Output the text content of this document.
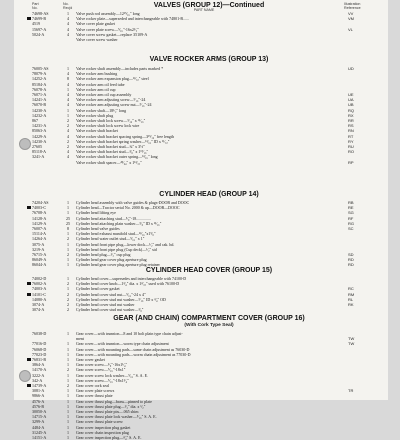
Part
No.
No.
Req'd	PART NAME
Illustration
Reference
VALVES (GROUP 12)—Continued
74698-AS	1	Valve push rod assembly—12¹⁵⁄₁₆" long	VV
74699-B	4	Valve rocker plate—superseded and interchangeable with 74801-B......	VM
4519	4	Valve cover plate gasket
15697-A	4	Valve cover plate screw—⁵⁄₁₆"-16x2¹⁄₂"	VL
5024-A	4	Valve cover screw gasket—replace 35109-A
Valve cover screw washer
VALVE ROCKER ARMS (GROUP 13)
76005-AS	1	Valve rocker shaft assembly—includes parts marked *	UD
78079-A	4	Valve rocker arm bushing
14252-A	8	Valve rocker arm expansion plug—¹³⁄₃₂" steel
85184-A	4	Valve rocker arm oil feed tube
76078-A	1	Valve rocker arm oil cup
76071-A	4	Valve rocker arm oil cup assembly	UE
14241-A	4	Valve rocker arm adjusting screw—⁵⁄₁₆"-24	UA
76070-B	4	Valve rocker arm adjusting screw nut—⁵⁄₁₆"-24	UB
14230-A	1	Valve rocker shaft—18¹⁄₂" long	RQ
14232-A	1	Valve rocker shaft plug	RX
867	2	Valve rocker shaft lock screw—⁵⁄₁₆" x ¹³⁄₁₆"	RR
14231-A	2	Valve rocker shaft lock screw lock wire	RS
85063-A	4	Valve rocker shaft bracket	RN
14229-A	4	Valve rocker shaft bracket spacing spring—3¹⁵⁄₁₆" free length	RT
14230-A	2	Valve rocker shaft bracket spring washer—¹³⁄₁₆" ID x ¹¹⁄₃₂"	RY
27605	2	Valve rocker shaft bracket stud—¾" x 3½"	RU
85118-A	4	Valve rocker shaft bracket stud—³⁄₈" x 1¹⁵⁄₁₆"	RO
3241-A	4	Valve rocker shaft bracket outer spring—¹³⁄₁₆" long
Valve rocker shaft spacer—⁴⁹⁄₆₄" x 1¹³⁄₃₂"	RP
CYLINDER HEAD (GROUP 14)
74204-AS	1	Cylinder head assembly with valve guides & plugs-DOOB and DOOC	RB
74003-C	1	Cylinder head—Tractor serial No. 2000 & up—DOOB—DOOC	RE
76708-A	1	Cylinder head lifting eye	SG
14128-A	25	Cylinder head attaching stud—⁵⁄₈"-18...............	RF
14129-A	25	Cylinder head attaching plain washer—⁵⁄₈" ID x ¹³⁄₁₆"	RG
76007-A	8	Cylinder head valve guides	SC
15114-A	1	Cylinder head exhaust manifold stud—¹³⁄₁₆"x1⁵⁄₈"
14264-A	2	Cylinder head water outlet stud—⁵⁄₁₆" x 1"
3075-A	1	Cylinder head front pipe plug—lower dock—¹⁄₂" and cak. hd.
3219-A	1	Cylinder head front pipe plug (Cup deck)—¹⁄₂" std
76715-A	2	Cylinder head plug—¹⁄₂" cup plug	SD
86049-A	1	Cylinder head gear cover plug aperture plug	RD
86044-A	1	Cylinder head gear cover plug aperture plug retainer	RD
CYLINDER HEAD COVER (GROUP 15)
74002-D	1	Cylinder head cover—supersedes and interchangeable with 74100-D
76002-A	2	Cylinder head cover knob—1³⁄₄" dia. x 1³⁄₃₂" used with 76100-D
74003-A	1	Cylinder head cover gasket	RC
14101-C	2	Cylinder head cover stud nut—⁵⁄₁₆"-24 x 4"	RM
14080-A	2	Cylinder head cover stud nut washer—⁵⁄₁₆" ID x ³⁄₄" OD	RL
3074-A	2	Cylinder head cover stud nut washer	RK
3074-A	2	Cylinder head cover stud nut washer—³⁄₈"
GEAR (AND CHAIN) COMPARTMENT COVER (GROUP 16)
(With Cork Type Seal)
76038-D	1	Gear cover—with trunnion—8 and 10 bolt plain type chain adjust-
ment	TW
77016-D	1	Gear cover—with trunnion—worm type chain adjustment	TW
76068-D	1	Gear cover—with mounting pads—same chain adjustment as 76030-D
77023-D	1	Gear cover—with mounting pads—worm chain adjustment as 77030-D
76831-B	1	Gear cover gasket
3864-A	1	Gear cover screw—³⁄₈"-16x1¹⁄₄"
14170-A	2	Gear cover screw—⁵⁄₁₆"-18x1"
3222-A	1	Gear cover screw lock washer—⁵⁄₁₆" S. A. E.
342-A	1	Gear cover screw—⁵⁄₁₆"-18x1³⁄₄"
14739-A	2	Gear cover cork seal
3081-A	1	Gear cover plate screws	TR
9866-A	1	Gear cover thrust plate
4576-A	1	Gear cover thrust plug—brass—pinned to plate
4576-B	1	Gear cover thrust plate plug—¹⁄₂" dia. x ¹⁄₂"
30050-A	1	Gear cover thrust plate pin—.065 shim
14715-A	1	Gear cover thrust plate lock washer—⁵⁄₁₆" S. A. E.
3299-A	1	Gear cover thrust plate screw
4484-A	1	Gear cover inspection plug gasket
31245-A	1	Gear cover chain inspection plug
14151-A	1	Gear cover inspection plug—³⁄₄" S. A. E.
